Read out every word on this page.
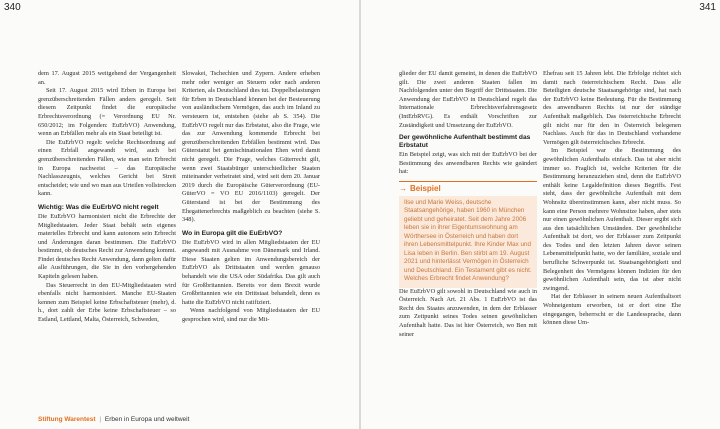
340

dem 17. August 2015 weitgehend der Vergangenheit an.

Seit 17. August 2015 wird Erben in Europa bei grenzüberschreitenden Fällen anders geregelt. Seit diesem Zeitpunkt findet die europäische Erbrechtsverordnung (= Verordnung EU Nr. 650/2012; im Folgenden: EuErbVO) Anwendung, wenn an Erbfällen mehr als ein Staat beteiligt ist.

Die EuErbVO regelt: welche Rechtsordnung auf einen Erbfall angewandt wird, auch bei grenzüberschreitenden Fällen, wie man sein Erbrecht in Europa nachweist – das Europäische Nachlasszeugnis, welches Gericht bei Streit entscheidet; wie und wo man aus Urteilen vollstrecken kann.

Wichtig: Was die EuErbVO nicht regelt

Die EuErbVO harmonisiert nicht die Erbrechte der Mitgliedstaaten. Jeder Staat behält sein eigenes materielles Erbrecht und kann autonom sein Erbrecht und Änderungen daran bestimmen. Die EuErbVO bestimmt, ob deutsches Recht zur Anwendung kommt. Findet deutsches Recht Anwendung, dann gelten dafür alle Ausführungen, die Sie in den vorhergehenden Kapiteln gelesen haben.

Das Steuerrecht in den EU-Mitgliedstaaten wird ebenfalls nicht harmonisiert. Manche EU-Staaten kennen zum Beispiel keine Erbschaftsteuer (mehr), d. h., dort zahlt der Erbe keine Erbschaftsteuer – so Estland, Lettland, Malta, Österreich, Schweden,

Slowakei, Tschechien und Zypern. Andere erheben mehr oder weniger an Steuern oder nach anderen Kriterien, als Deutschland dies tut. Doppelbelastungen für Erben in Deutschland können bei der Besteuerung von ausländischem Vermögen, das auch im Inland zu versteuern ist, entstehen (siehe ab S. 354). Die EuErbVO regelt nur das Erbstatut, also die Frage, wie das zur Anwendung kommende Erbrecht bei grenzüberschreitenden Erbfällen bestimmt wird. Das Güterstatut bei gemischtnationalen Ehen wird damit nicht geregelt. Die Frage, welches Güterrecht gilt, wenn zwei Staatsbürger unterschiedlicher Staaten miteinander verheiratet sind, wird seit dem 20. Januar 2019 durch die Europäische Güterverordnung (EU-GüterVO = VO EU 2016/1103) geregelt. Der Güterstand ist bei der Bestimmung des Ehegattenerbrechts maßgeblich zu beachten (siehe S. 348).

Wo in Europa gilt die EuErbVO?

Die EuErbVO wird in allen Mitgliedstaaten der EU angewandt mit Ausnahme von Dänemark und Irland. Diese Staaten gelten im Anwendungsbereich der EuErbVO als Drittstaaten und werden genauso behandelt wie die USA oder Südafrika. Das gilt auch für Großbritannien. Bereits vor dem Brexit wurde Großbritannien wie ein Drittstaat behandelt, denn es hatte die EuErbVO nicht ratifiziert.

Wenn nachfolgend von Mitgliedstaaten der EU gesprochen wird, sind nur die Mit-

Stiftung Warentest | Erben in Europa und weltweit
341

glieder der EU damit gemeint, in denen die EuErbVO gilt. Die zwei anderen Staaten fallen im Nachfolgenden unter den Begriff der Drittstaaten. Die Anwendung der EuErbVO in Deutschland regelt das Internationale Erbrechtsverfahrensgesetz (IntErbRVG). Es enthält Vorschriften zur Zuständigkeit und Umsetzung der EuErbVO.

Der gewöhnliche Aufenthalt bestimmt das Erbstatut

Ein Beispiel zeigt, was sich mit der EuErbVO bei der Bestimmung des anwendbaren Rechts wie geändert hat:

→ Beispiel

Ilse und Marie Weiss, deutsche Staatsangehörige, haben 1960 in München geliebt und geheiratet. Seit dem Jahre 2006 leben sie in ihrer Eigentumswohnung am Wörthersee in Österreich und haben dort ihren Lebensmittelpunkt. Ihre Kinder Max und Lisa leben in Berlin. Ben stirbt am 19. August 2021 und hinterlässt Vermögen in Österreich und Deutschland. Ein Testament gibt es nicht. Welches Erbrecht findet Anwendung?

Die EuErbVO gilt sowohl in Deutschland wie auch in Österreich. Nach Art. 21 Abs. 1 EuErbVO ist das Recht des Staates anzuwenden, in dem der Erblasser zum Zeitpunkt seines Todes seinen gewöhnlichen Aufenthalt hatte. Das ist hier Österreich, wo Ben mit seiner

Ehefrau seit 15 Jahren lebt. Die Erbfolge richtet sich damit nach österreichischem Recht. Dass alle Beteiligten deutsche Staatsangehörige sind, hat nach der EuErbVO keine Bedeutung. Für die Bestimmung des anwendbaren Rechts ist nur der ständige Aufenthalt maßgeblich. Das österreichische Erbrecht gilt nicht nur für den in Österreich belegenen Nachlass. Auch für das in Deutschland vorhandene Vermögen gilt österreichisches Erbrecht.

Im Beispiel war die Bestimmung des gewöhnlichen Aufenthalts einfach. Das ist aber nicht immer so. Fraglich ist, welche Kriterien für die Bestimmung heranzuziehen sind, denn die EuErbVO enthält keine Legaldefinition dieses Begriffs. Fest steht, dass der gewöhnliche Aufenthalt mit dem Wohnsitz übereinstimmen kann, aber nicht muss. So kann eine Person mehrere Wohnsitze haben, aber stets nur einen gewöhnlichen Aufenthalt. Dieser ergibt sich aus den tatsächlichen Umständen. Der gewöhnliche Aufenthalt ist dort, wo der Erblasser zum Zeitpunkt des Todes und den letzten Jahren davor seinen Lebensmittelpunkt hatte, wo der familiäre, soziale und berufliche Schwerpunkt ist. Staatsangehörigkeit und Belegenheit des Vermögens können Indizien für den gewöhnlichen Aufenthalt sein, das ist aber nicht zwingend.

Hat der Erblasser in seinem neuen Aufenthaltsort Wohneigentum erworben, ist er dort eine Ehe eingegangen, beherrscht er die Landessprache, dann können diese Um-
